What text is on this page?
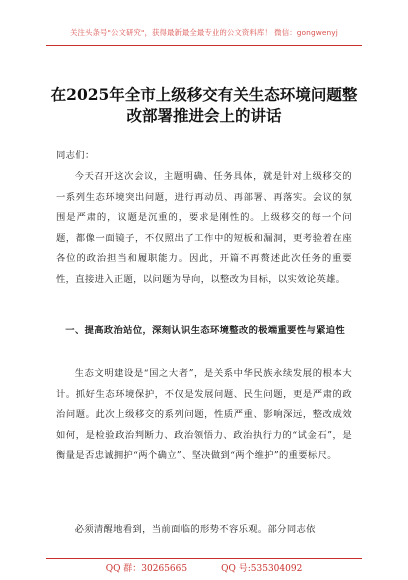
关注头条号"公文研究"，获得最新最全最专业的公文资料库！ 微信：gongwenyj
在2025年全市上级移交有关生态环境问题整改部署推进会上的讲话
同志们：
今天召开这次会议，主题明确、任务具体，就是针对上级移交的一系列生态环境突出问题，进行再动员、再部署、再落实。会议的氛围是严肃的，议题是沉重的，要求是刚性的。上级移交的每一个问题，都像一面镜子，不仅照出了工作中的短板和漏洞，更考验着在座各位的政治担当和履职能力。因此，开篇不再赘述此次任务的重要性，直接进入正题，以问题为导向，以整改为目标，以实效论英雄。
一、提高政治站位，深刻认识生态环境整改的极端重要性与紧迫性
生态文明建设是“国之大者”，是关系中华民族永续发展的根本大计。抓好生态环境保护，不仅是发展问题、民生问题，更是严肃的政治问题。此次上级移交的系列问题，性质严重、影响深远，整改成效如何，是检验政治判断力、政治领悟力、政治执行力的“试金石”，是衡量是否忠诚拥护“两个确立”、坚决做到“两个维护”的重要标尺。
必须清醒地看到，当前面临的形势不容乐观。部分同志依
QQ 群：30265665	QQ 号:535304092
